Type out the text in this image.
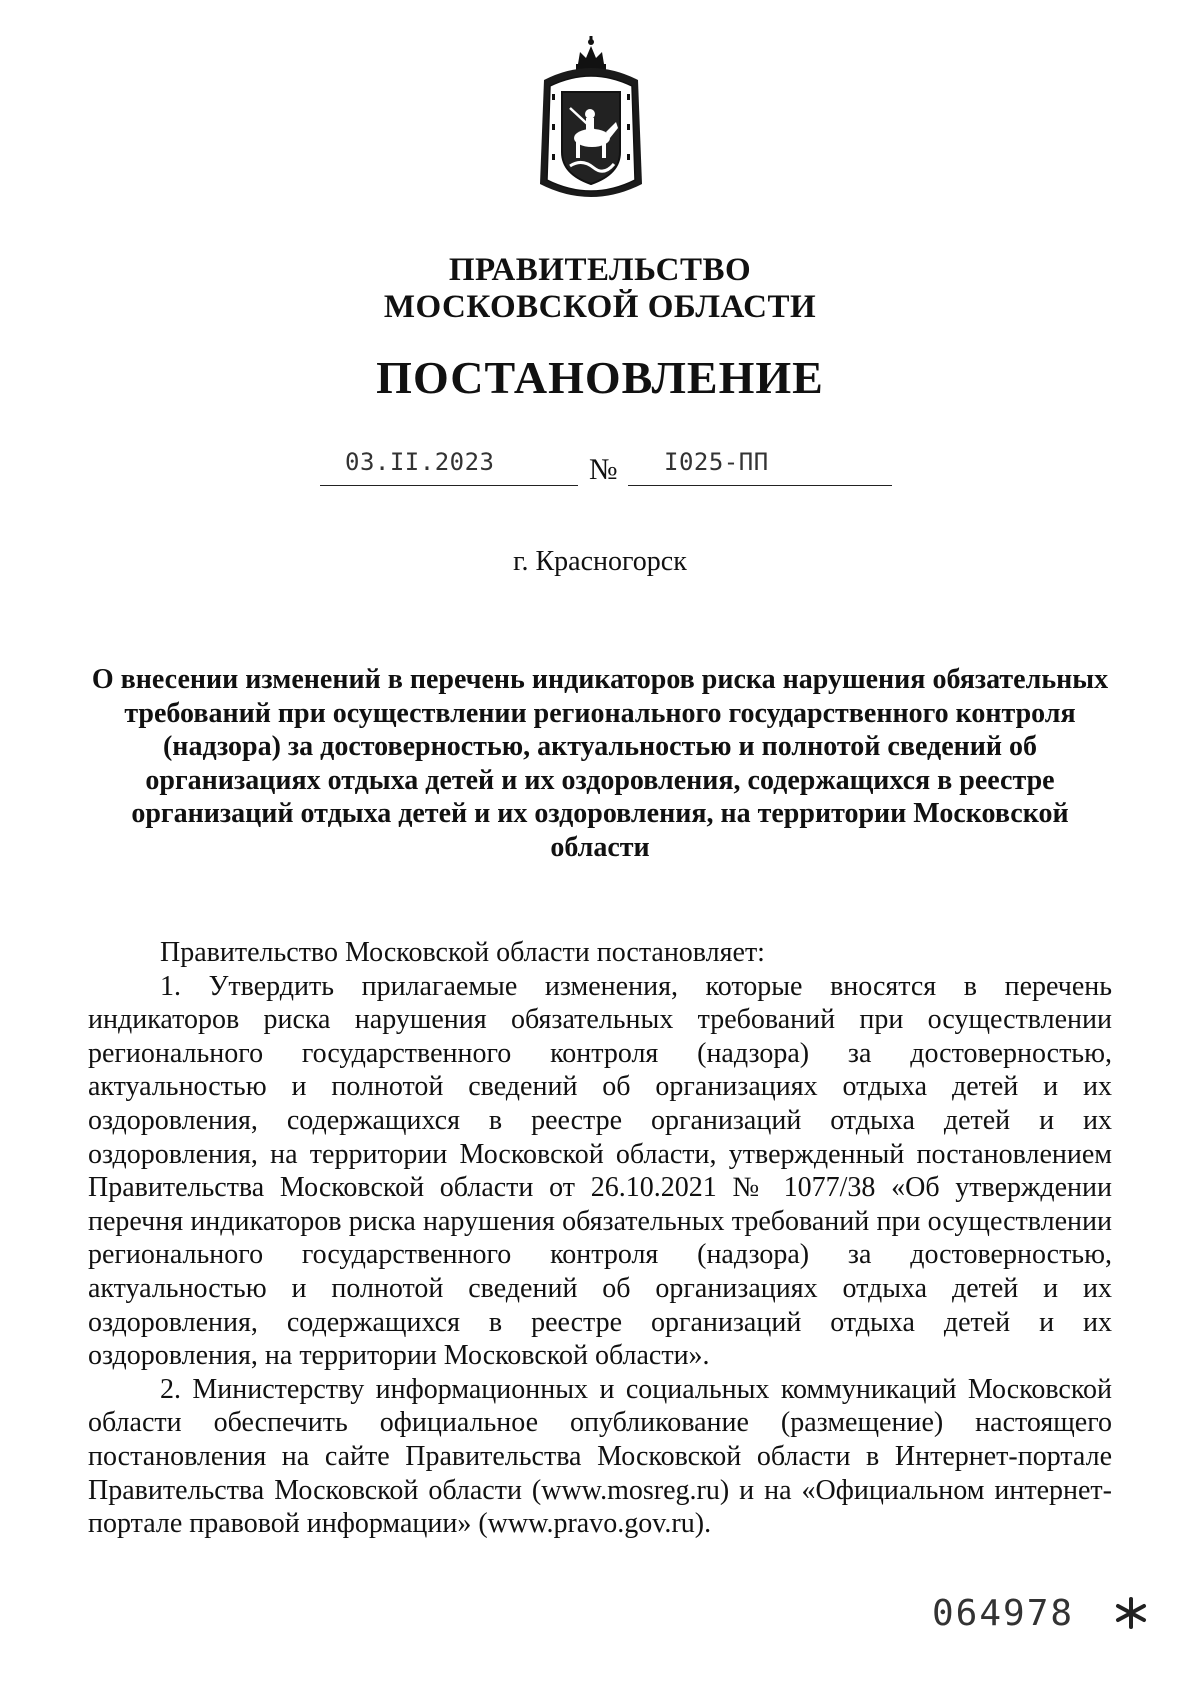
ПРАВИТЕЛЬСТВО
МОСКОВСКОЙ ОБЛАСТИ
ПОСТАНОВЛЕНИЕ
03.II.2023	№ I025-ПП
г. Красногорск
О внесении изменений в перечень индикаторов риска нарушения обязательных требований при осуществлении регионального государственного контроля (надзора) за достоверностью, актуальностью и полнотой сведений об организациях отдыха детей и их оздоровления, содержащихся в реестре организаций отдыха детей и их оздоровления, на территории Московской области

Правительство Московской области постановляет:

1. Утвердить прилагаемые изменения, которые вносятся в перечень индикаторов риска нарушения обязательных требований при осуществлении регионального государственного контроля (надзора) за достоверностью, актуальностью и полнотой сведений об организациях отдыха детей и их оздоровления, содержащихся в реестре организаций отдыха детей и их оздоровления, на территории Московской области, утвержденный постановлением Правительства Московской области от 26.10.2021 № 1077/38 «Об утверждении перечня индикаторов риска нарушения обязательных требований при осуществлении регионального государственного контроля (надзора) за достоверностью, актуальностью и полнотой сведений об организациях отдыха детей и их оздоровления, содержащихся в реестре организаций отдыха детей и их оздоровления, на территории Московской области».

2. Министерству информационных и социальных коммуникаций Московской области обеспечить официальное опубликование (размещение) настоящего постановления на сайте Правительства Московской области в Интернет-портале Правительства Московской области (www.mosreg.ru) и на «Официальном интернет-портале правовой информации» (www.pravo.gov.ru).

064978
